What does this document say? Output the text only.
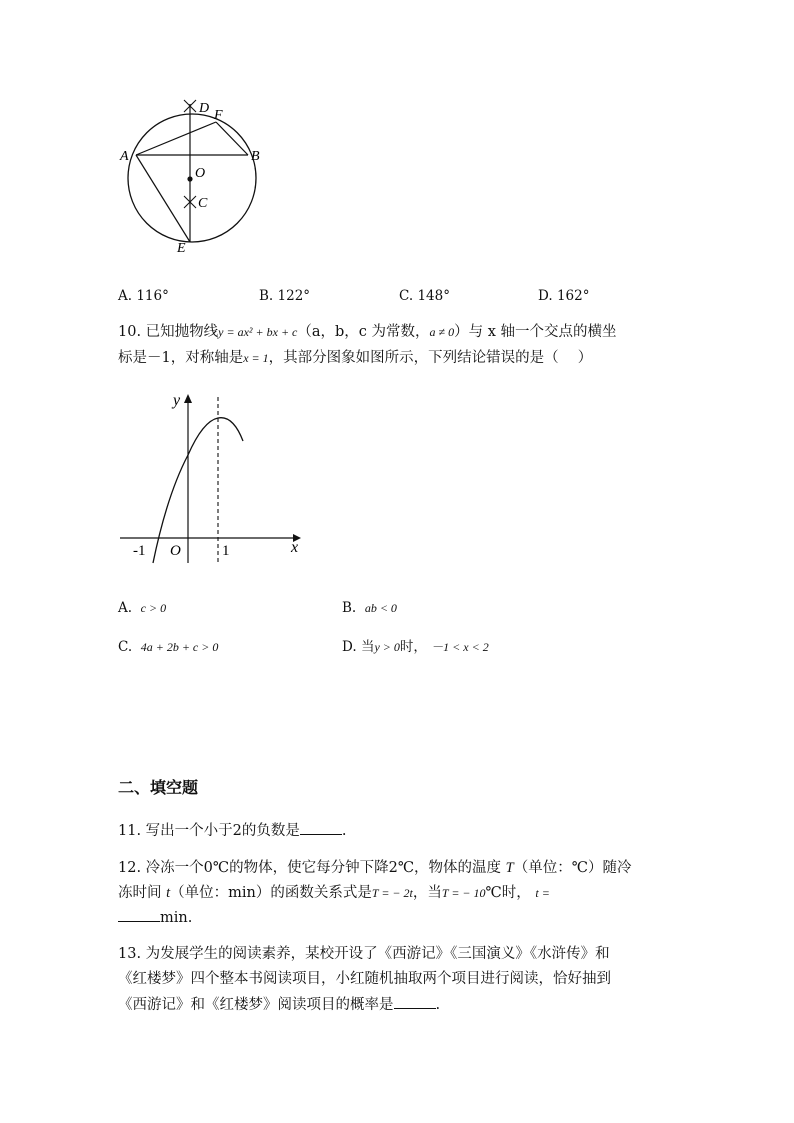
D F
A	B
O
C
E
A. 116°	B. 122°	C. 148°	D. 162°
10. 已知抛物线y = ax² + bx + c（a，b，c 为常数，a ≠ 0）与 x 轴一个交点的横坐
标是－1，对称轴是x = 1，其部分图象如图所示，下列结论错误的是（　 ）
y
x
O
-1	1
A. c > 0	B. ab < 0
C. 4a + 2b + c > 0	D. 当y > 0时， －1 < x < 2
二、填空题
11. 写出一个小于2的负数是	.
12. 冷冻一个0℃的物体，使它每分钟下降2℃，物体的温度 T（单位：℃）随冷
冻时间 t（单位：min）的函数关系式是T = − 2t，当T = − 10℃时， t =
min.
13. 为发展学生的阅读素养，某校开设了《西游记》《三国演义》《水浒传》和
《红楼梦》四个整本书阅读项目，小红随机抽取两个项目进行阅读，恰好抽到
《西游记》和《红楼梦》阅读项目的概率是	.
